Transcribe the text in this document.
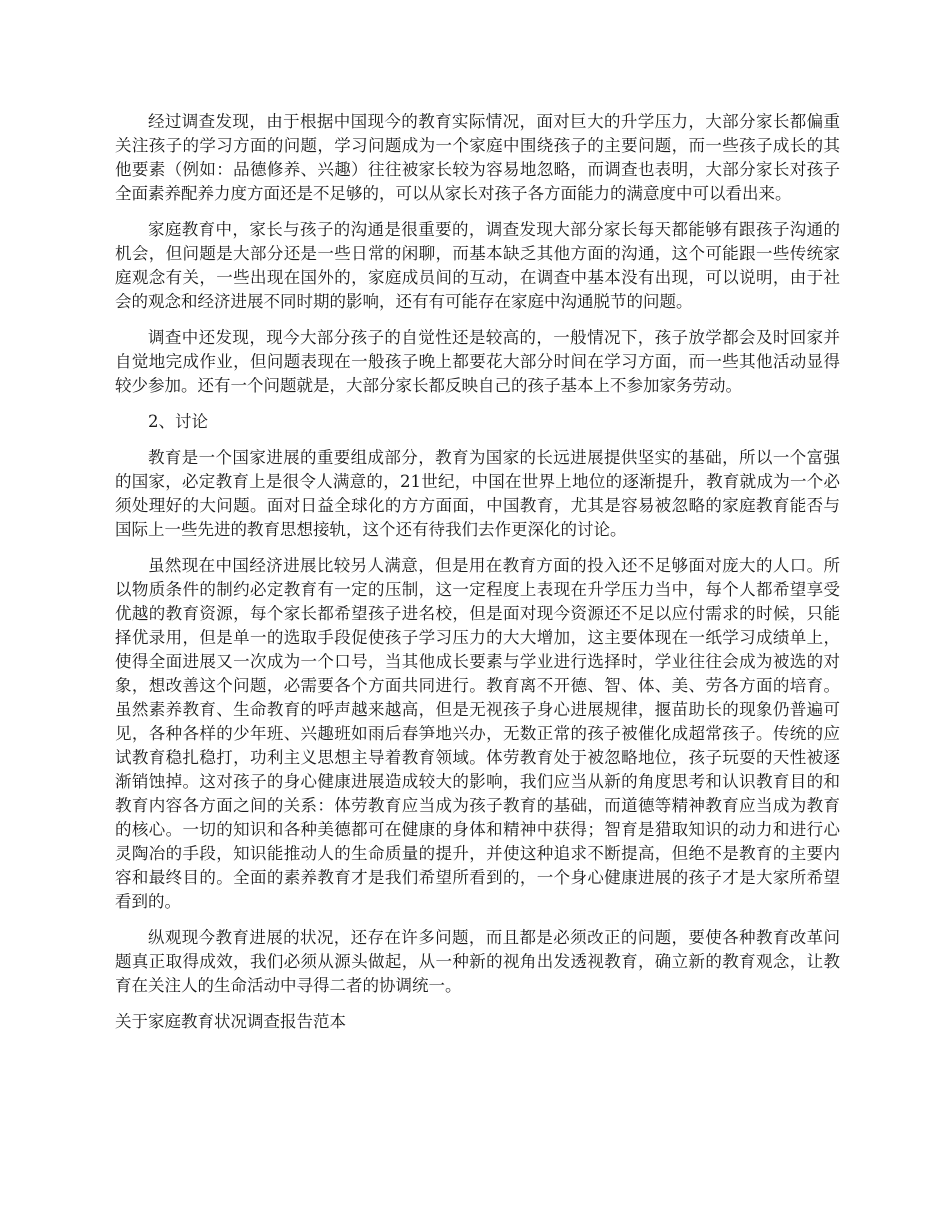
经过调查发现，由于根据中国现今的教育实际情况，面对巨大的升学压力，大部分家长都偏重关注孩子的学习方面的问题，学习问题成为一个家庭中围绕孩子的主要问题，而一些孩子成长的其他要素（例如：品德修养、兴趣）往往被家长较为容易地忽略，而调查也表明，大部分家长对孩子全面素养配养力度方面还是不足够的，可以从家长对孩子各方面能力的满意度中可以看出来。

家庭教育中，家长与孩子的沟通是很重要的，调查发现大部分家长每天都能够有跟孩子沟通的机会，但问题是大部分还是一些日常的闲聊，而基本缺乏其他方面的沟通，这个可能跟一些传统家庭观念有关，一些出现在国外的，家庭成员间的互动，在调查中基本没有出现，可以说明，由于社会的观念和经济进展不同时期的影响，还有有可能存在家庭中沟通脱节的问题。

调查中还发现，现今大部分孩子的自觉性还是较高的，一般情况下，孩子放学都会及时回家并自觉地完成作业，但问题表现在一般孩子晚上都要花大部分时间在学习方面，而一些其他活动显得较少参加。还有一个问题就是，大部分家长都反映自己的孩子基本上不参加家务劳动。

2、讨论

教育是一个国家进展的重要组成部分，教育为国家的长远进展提供坚实的基础，所以一个富强的国家，必定教育上是很令人满意的，21世纪，中国在世界上地位的逐渐提升，教育就成为一个必须处理好的大问题。面对日益全球化的方方面面，中国教育，尤其是容易被忽略的家庭教育能否与国际上一些先进的教育思想接轨，这个还有待我们去作更深化的讨论。

虽然现在中国经济进展比较另人满意，但是用在教育方面的投入还不足够面对庞大的人口。所以物质条件的制约必定教育有一定的压制，这一定程度上表现在升学压力当中，每个人都希望享受优越的教育资源，每个家长都希望孩子进名校，但是面对现今资源还不足以应付需求的时候，只能择优录用，但是单一的选取手段促使孩子学习压力的大大增加，这主要体现在一纸学习成绩单上，使得全面进展又一次成为一个口号，当其他成长要素与学业进行选择时，学业往往会成为被选的对象，想改善这个问题，必需要各个方面共同进行。教育离不开德、智、体、美、劳各方面的培育。虽然素养教育、生命教育的呼声越来越高，但是无视孩子身心进展规律，揠苗助长的现象仍普遍可见，各种各样的少年班、兴趣班如雨后春笋地兴办，无数正常的孩子被催化成超常孩子。传统的应试教育稳扎稳打，功利主义思想主导着教育领域。体劳教育处于被忽略地位，孩子玩耍的天性被逐渐销蚀掉。这对孩子的身心健康进展造成较大的影响，我们应当从新的角度思考和认识教育目的和教育内容各方面之间的关系：体劳教育应当成为孩子教育的基础，而道德等精神教育应当成为教育的核心。一切的知识和各种美德都可在健康的身体和精神中获得；智育是猎取知识的动力和进行心灵陶冶的手段，知识能推动人的生命质量的提升，并使这种追求不断提高，但绝不是教育的主要内容和最终目的。全面的素养教育才是我们希望所看到的，一个身心健康进展的孩子才是大家所希望看到的。

纵观现今教育进展的状况，还存在许多问题，而且都是必须改正的问题，要使各种教育改革问题真正取得成效，我们必须从源头做起，从一种新的视角出发透视教育，确立新的教育观念，让教育在关注人的生命活动中寻得二者的协调统一。

关于家庭教育状况调查报告范本
